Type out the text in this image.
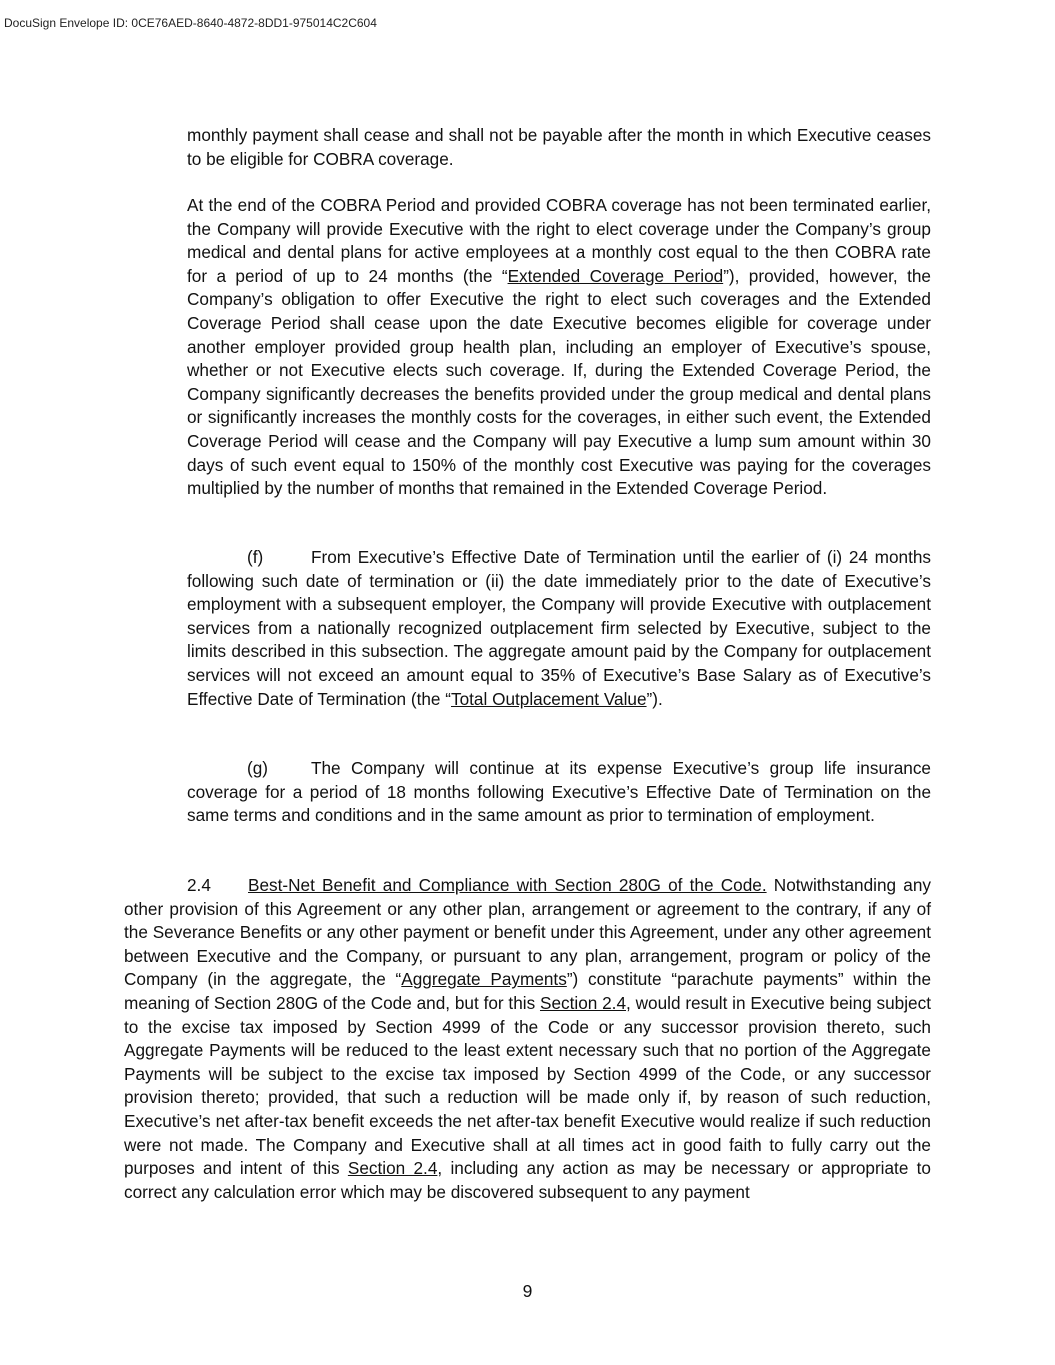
DocuSign Envelope ID: 0CE76AED-8640-4872-8DD1-975014C2C604

monthly payment shall cease and shall not be payable after the month in which Executive ceases to be eligible for COBRA coverage.

At the end of the COBRA Period and provided COBRA coverage has not been terminated earlier, the Company will provide Executive with the right to elect coverage under the Company’s group medical and dental plans for active employees at a monthly cost equal to the then COBRA rate for a period of up to 24 months (the “Extended Coverage Period”), provided, however, the Company’s obligation to offer Executive the right to elect such coverages and the Extended Coverage Period shall cease upon the date Executive becomes eligible for coverage under another employer provided group health plan, including an employer of Executive’s spouse, whether or not Executive elects such coverage. If, during the Extended Coverage Period, the Company significantly decreases the benefits provided under the group medical and dental plans or significantly increases the monthly costs for the coverages, in either such event, the Extended Coverage Period will cease and the Company will pay Executive a lump sum amount within 30 days of such event equal to 150% of the monthly cost Executive was paying for the coverages multiplied by the number of months that remained in the Extended Coverage Period.

(f)	From Executive’s Effective Date of Termination until the earlier of (i) 24 months following such date of termination or (ii) the date immediately prior to the date of Executive’s employment with a subsequent employer, the Company will provide Executive with outplacement services from a nationally recognized outplacement firm selected by Executive, subject to the limits described in this subsection. The aggregate amount paid by the Company for outplacement services will not exceed an amount equal to 35% of Executive’s Base Salary as of Executive’s Effective Date of Termination (the “Total Outplacement Value”).

(g) The Company will continue at its expense Executive’s group life insurance coverage for a period of 18 months following Executive’s Effective Date of Termination on the same terms and conditions and in the same amount as prior to termination of employment.

2.4 Best-Net Benefit and Compliance with Section 280G of the Code. Notwithstanding any other provision of this Agreement or any other plan, arrangement or agreement to the contrary, if any of the Severance Benefits or any other payment or benefit under this Agreement, under any other agreement between Executive and the Company, or pursuant to any plan, arrangement, program or policy of the Company (in the aggregate, the “Aggregate Payments”) constitute “parachute payments” within the meaning of Section 280G of the Code and, but for this Section 2.4, would result in Executive being subject to the excise tax imposed by Section 4999 of the Code or any successor provision thereto, such Aggregate Payments will be reduced to the least extent necessary such that no portion of the Aggregate Payments will be subject to the excise tax imposed by Section 4999 of the Code, or any successor provision thereto; provided, that such a reduction will be made only if, by reason of such reduction, Executive’s net after-tax benefit exceeds the net after-tax benefit Executive would realize if such reduction were not made. The Company and Executive shall at all times act in good faith to fully carry out the purposes and intent of this Section 2.4, including any action as may be necessary or appropriate to correct any calculation error which may be discovered subsequent to any payment

9
